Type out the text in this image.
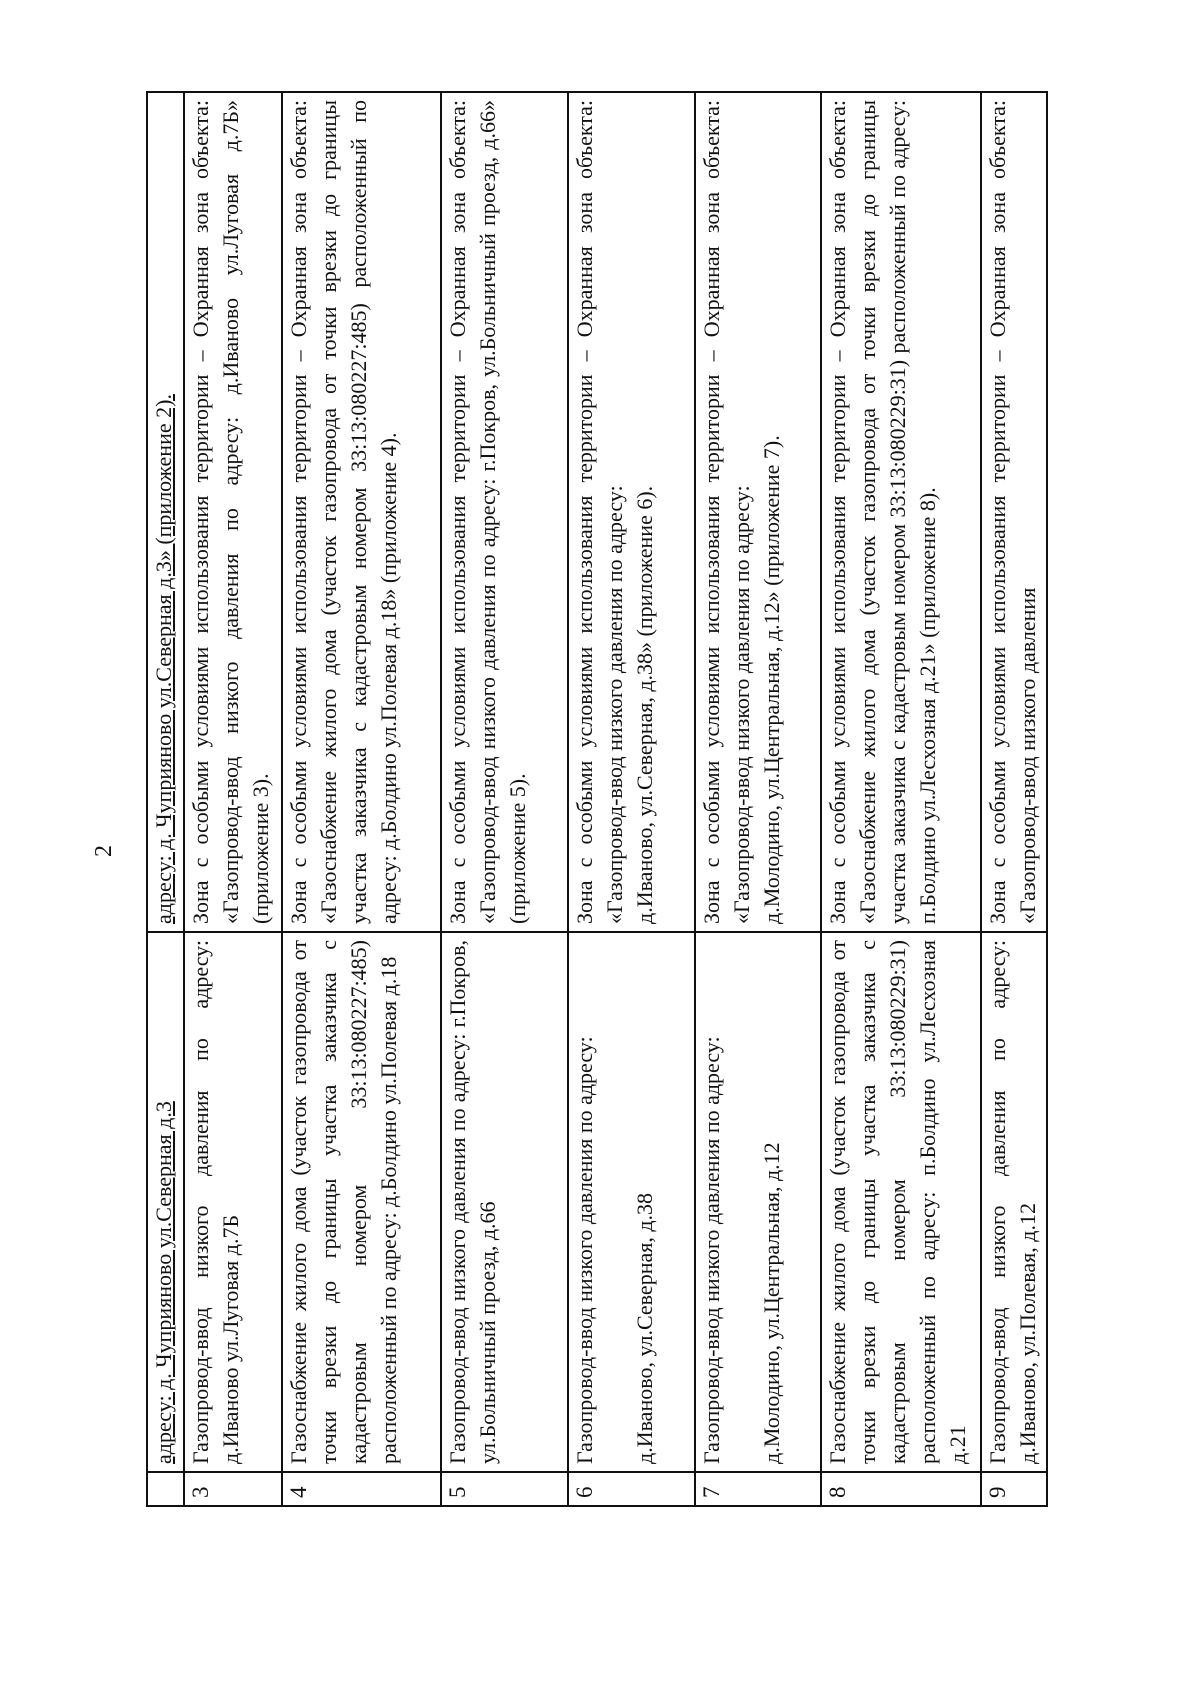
2

	адресу: д. Чуприяново ул.Северная д.3	адресу: д. Чуприяново ул.Северная д.3» (приложение 2).

3	Газопровод-ввод низкого давления по адресу: д.Иваново ул.Луговая д.7Б	Зона с особыми условиями использования территории – Охранная зона объекта: «Газопровод-ввод низкого давления по адресу: д.Иваново ул.Луговая д.7Б» (приложение 3).

4	Газоснабжение жилого дома (участок газопровода от точки врезки до границы участка заказчика с кадастровым номером 33:13:080227:485) расположенный по адресу: д.Болдино ул.Полевая д.18	Зона с особыми условиями использования территории – Охранная зона объекта: «Газоснабжение жилого дома (участок газопровода от точки врезки до границы участка заказчика с кадастровым номером 33:13:080227:485) расположенный по адресу: д.Болдино ул.Полевая д.18» (приложение 4).

5	Газопровод-ввод низкого давления по адресу: г.Покров, ул.Больничный проезд, д.66	Зона с особыми условиями использования территории – Охранная зона объекта: «Газопровод-ввод низкого давления по адресу: г.Покров, ул.Больничный проезд, д.66» (приложение 5).

6	Газопровод-ввод низкого давления по адресу: д.Иваново, ул.Северная, д.38	Зона с особыми условиями использования территории – Охранная зона объекта: «Газопровод-ввод низкого давления по адресу: д.Иваново, ул.Северная, д.38» (приложение 6).

7	Газопровод-ввод низкого давления по адресу: д.Молодино, ул.Центральная, д.12	Зона с особыми условиями использования территории – Охранная зона объекта: «Газопровод-ввод низкого давления по адресу: д.Молодино, ул.Центральная, д.12» (приложение 7).

8	Газоснабжение жилого дома (участок газопровода от точки врезки до границы участка заказчика с кадастровым номером 33:13:080229:31) расположенный по адресу: п.Болдино ул.Лесхозная д.21	Зона с особыми условиями использования территории – Охранная зона объекта: «Газоснабжение жилого дома (участок газопровода от точки врезки до границы участка заказчика с кадастровым номером 33:13:080229:31) расположенный по адресу: п.Болдино ул.Лесхозная д.21» (приложение 8).

9	Газопровод-ввод низкого давления по адресу: д.Иваново, ул.Полевая, д.12	Зона с особыми условиями использования территории – Охранная зона объекта: «Газопровод-ввод низкого давления
